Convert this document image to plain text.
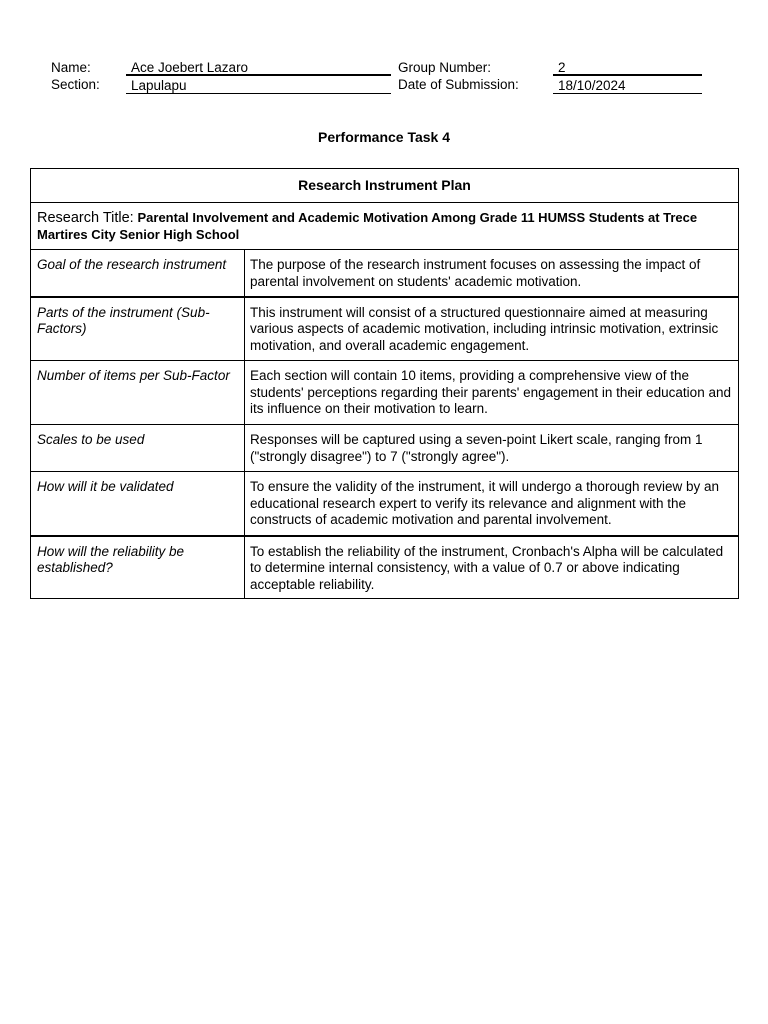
Name:	Ace Joebert Lazaro
Section:	Lapulapu
Group Number:	2
Date of Submission:	18/10/2024
Performance Task 4
Research Instrument Plan	
Research Title: Parental Involvement and Academic Motivation Among Grade 11 HUMSS Students at Trece Martires City Senior High School	
Goal of the research instrument	The purpose of the research instrument focuses on assessing the impact of parental involvement on students' academic motivation.
Parts of the instrument (Sub-Factors)	This instrument will consist of a structured questionnaire aimed at measuring various aspects of academic motivation, including intrinsic motivation, extrinsic motivation, and overall academic engagement.
Number of items per Sub-Factor	Each section will contain 10 items, providing a comprehensive view of the students' perceptions regarding their parents' engagement in their education and its influence on their motivation to learn.
Scales to be used	Responses will be captured using a seven-point Likert scale, ranging from 1 ("strongly disagree") to 7 ("strongly agree").
How will it be validated	To ensure the validity of the instrument, it will undergo a thorough review by an educational research expert to verify its relevance and alignment with the constructs of academic motivation and parental involvement.
How will the reliability be established?	To establish the reliability of the instrument, Cronbach's Alpha will be calculated to determine internal consistency, with a value of 0.7 or above indicating acceptable reliability.
